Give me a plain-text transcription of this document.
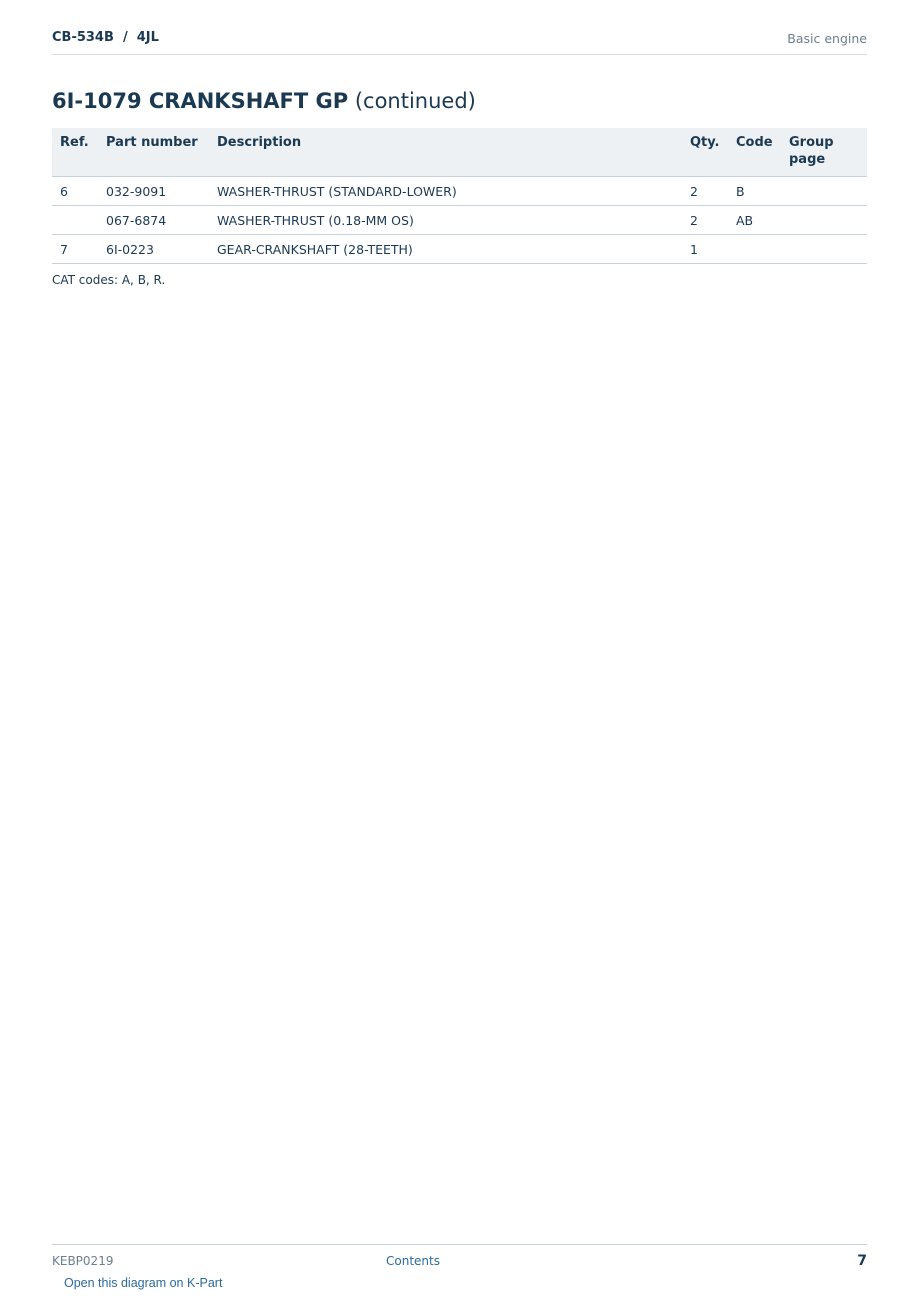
CB-534B  /  4JL	Basic engine
6I-1079 CRANKSHAFT GP (continued)
Ref.	Part number	Description	Qty.	Code	Group page
6	032-9091	WASHER-THRUST (STANDARD-LOWER)	2	B	
	067-6874	WASHER-THRUST (0.18-MM OS)	2	AB	
7	6I-0223	GEAR-CRANKSHAFT (28-TEETH)	1		
CAT codes: A, B, R.
KEBP0219	Contents	7
Open this diagram on K-Part
